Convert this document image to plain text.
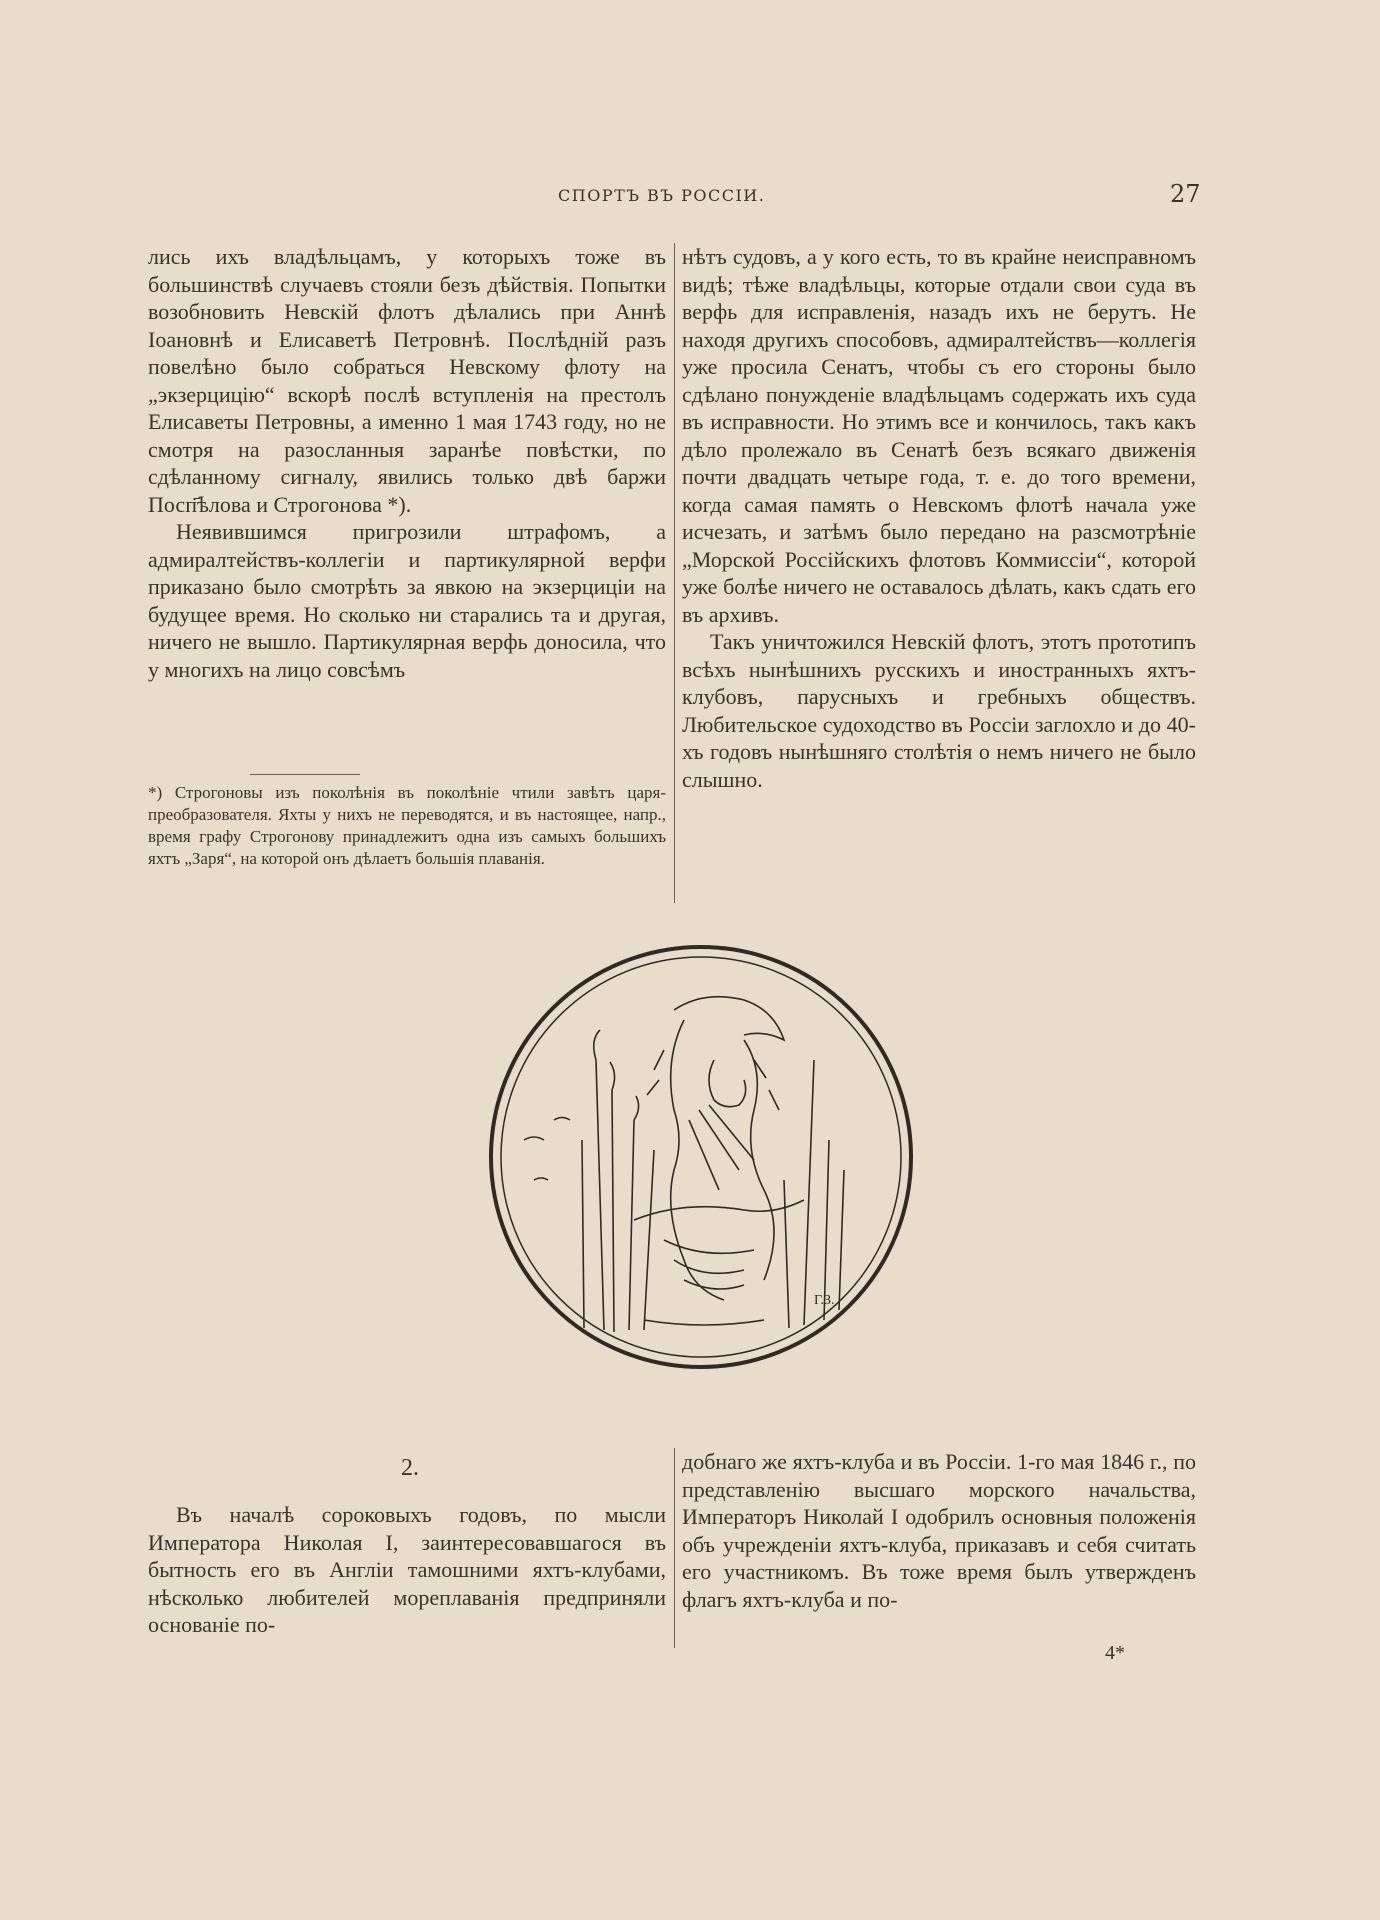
СПОРТЪ ВЪ РОССІИ.	27

лись ихъ владѣльцамъ, у которыхъ тоже въ большинствѣ случаевъ стояли безъ дѣйствія. Попытки возобновить Невскій флотъ дѣлались при Аннѣ Іоановнѣ и Елисаветѣ Петровнѣ. Послѣдній разъ повелѣно было собраться Невскому флоту на „экзерцицію“ вскорѣ послѣ вступленія на престолъ Елисаветы Петровны, а именно 1 мая 1743 году, но не смотря на разосланныя заранѣе повѣстки, по сдѣланному сигналу, явились только двѣ баржи Посп҃ѣлова и Строгонова *).

Неявившимся пригрозили штрафомъ, а адмиралтействъ-коллегіи и партикулярной верфи приказано было смотрѣть за явкою на экзерциціи на будущее время. Но сколько ни старались та и другая, ничего не вышло. Партикулярная верфь доносила, что у многихъ на лицо совсѣмъ

*) Строгоновы изъ поколѣнія въ поколѣніе чтили завѣтъ царя-преобразователя. Яхты у нихъ не переводятся, и въ настоящее, напр., время графу Строгонову принадлежитъ одна изъ самыхъ большихъ яхтъ „Заря“, на которой онъ дѣлаетъ большія плаванія.

нѣтъ судовъ, а у кого есть, то въ крайне неисправномъ видѣ; тѣже владѣльцы, которые отдали свои суда въ верфь для исправленія, назадъ ихъ не берутъ. Не находя другихъ способовъ, адмиралтействъ—коллегія уже просила Сенатъ, чтобы съ его стороны было сдѣлано понужденіе владѣльцамъ содержать ихъ суда въ исправности. Но этимъ все и кончилось, такъ какъ дѣло пролежало въ Сенатѣ безъ всякаго движенія почти двадцать четыре года, т. е. до того времени, когда самая память о Невскомъ флотѣ начала уже исчезать, и затѣмъ было передано на разсмотрѣніе „Морской Россійскихъ флотовъ Коммиссіи“, которой уже болѣе ничего не оставалось дѣлать, какъ сдать его въ архивъ.

Такъ уничтожился Невскій флотъ, этотъ прототипъ всѣхъ нынѣшнихъ русскихъ и иностранныхъ яхтъ-клубовъ, парусныхъ и гребныхъ обществъ. Любительское судоходство въ Россіи заглохло и до 40-хъ годовъ нынѣшняго столѣтія о немъ ничего не было слышно.

Г.З.
2.

Въ началѣ сороковыхъ годовъ, по мысли Императора Николая I, заинтересовавшагося въ бытность его въ Англіи тамошними яхтъ-клубами, нѣсколько любителей мореплаванія предприняли основаніе по-

добнаго же яхтъ-клуба и въ Россіи. 1-го мая 1846 г., по представленію высшаго морского начальства, Императоръ Николай I одобрилъ основныя положенія объ учрежденіи яхтъ-клуба, приказавъ и себя считать его участникомъ. Въ тоже время былъ утвержденъ флагъ яхтъ-клуба и по-

4*
